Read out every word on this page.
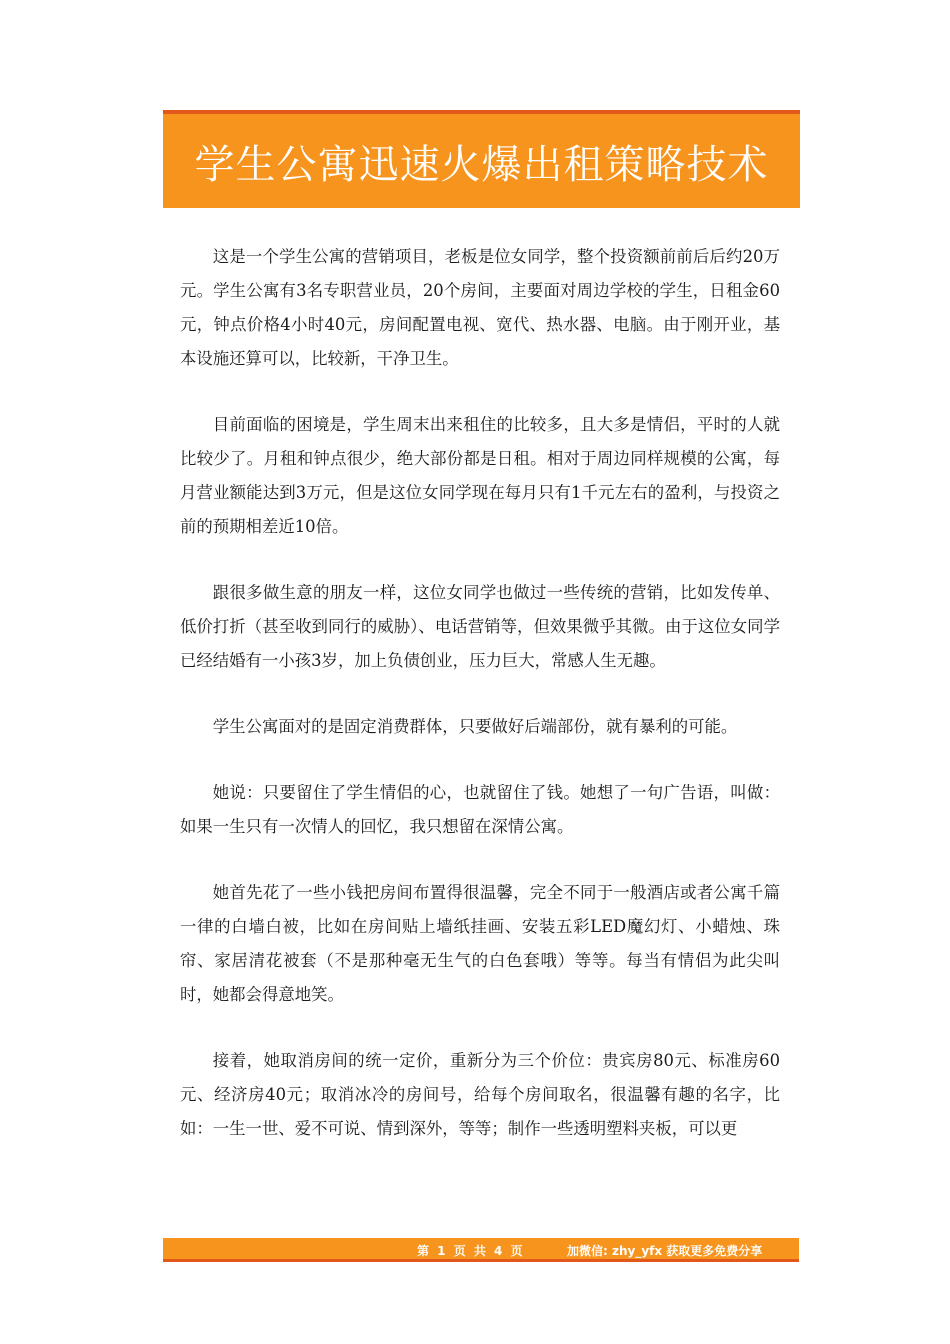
学生公寓迅速火爆出租策略技术

这是一个学生公寓的营销项目，老板是位女同学，整个投资额前前后后约20万元。学生公寓有3名专职营业员，20个房间，主要面对周边学校的学生，日租金60元，钟点价格4小时40元，房间配置电视、宽代、热水器、电脑。由于刚开业，基本设施还算可以，比较新，干净卫生。

目前面临的困境是，学生周末出来租住的比较多，且大多是情侣，平时的人就比较少了。月租和钟点很少，绝大部份都是日租。相对于周边同样规模的公寓，每月营业额能达到3万元，但是这位女同学现在每月只有1千元左右的盈利，与投资之前的预期相差近10倍。

跟很多做生意的朋友一样，这位女同学也做过一些传统的营销，比如发传单、低价打折（甚至收到同行的威胁）、电话营销等，但效果微乎其微。由于这位女同学已经结婚有一小孩3岁，加上负债创业，压力巨大，常感人生无趣。

学生公寓面对的是固定消费群体，只要做好后端部份，就有暴利的可能。

她说：只要留住了学生情侣的心，也就留住了钱。她想了一句广告语，叫做：如果一生只有一次情人的回忆，我只想留在深情公寓。

她首先花了一些小钱把房间布置得很温馨，完全不同于一般酒店或者公寓千篇一律的白墙白被，比如在房间贴上墙纸挂画、安装五彩LED魔幻灯、小蜡烛、珠帘、家居清花被套（不是那种毫无生气的白色套哦）等等。每当有情侣为此尖叫时，她都会得意地笑。

接着，她取消房间的统一定价，重新分为三个价位：贵宾房80元、标准房60元、经济房40元；取消冰冷的房间号，给每个房间取名，很温馨有趣的名字，比如：一生一世、爱不可说、情到深外，等等；制作一些透明塑料夹板，可以更

第 1 页 共 4 页	加微信: zhy_yfx 获取更多免费分享
